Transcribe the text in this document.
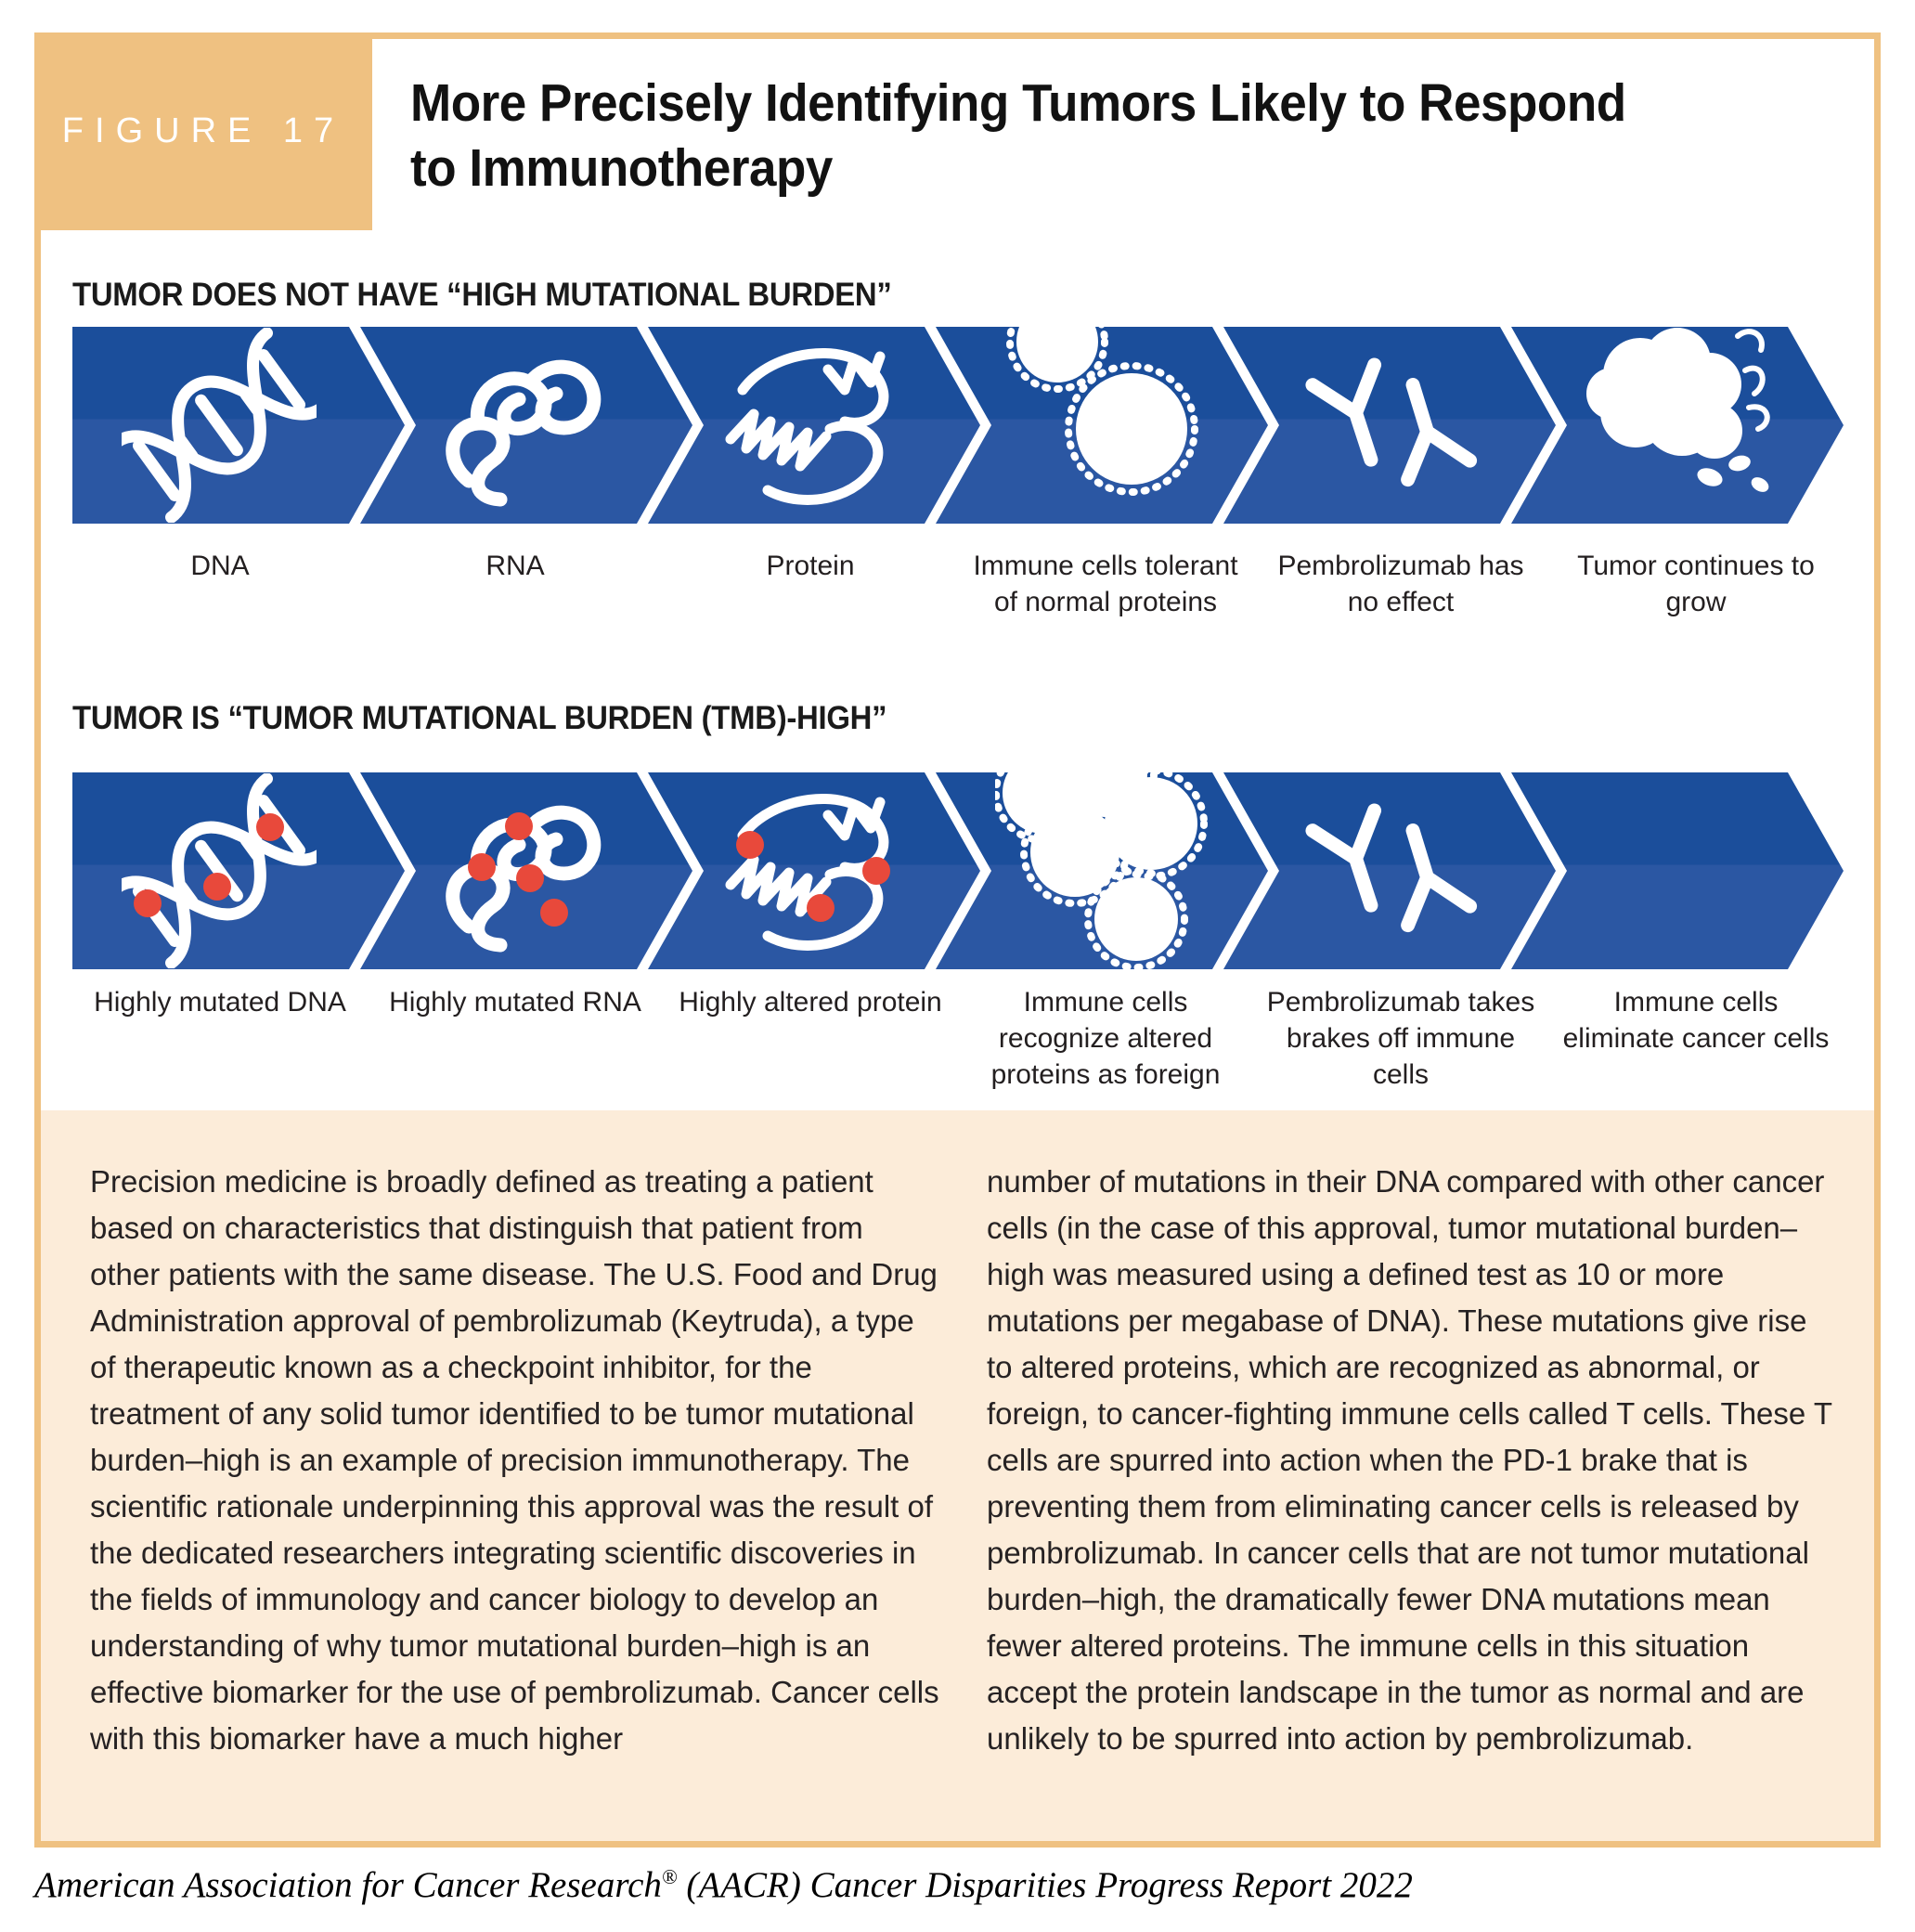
FIGURE 17 More Precisely Identifying Tumors Likely to Respond
to Immunotherapy
TUMOR DOES NOT HAVE “HIGH MUTATIONAL BURDEN”
DNA	RNA	Protein	Immune cells tolerant of normal proteins
Pembrolizumab has no effect
Tumor continues to grow
TUMOR IS “TUMOR MUTATIONAL BURDEN (TMB)-HIGH”
Highly mutated DNA	Highly mutated RNA	Highly altered protein	Immune cells recognize altered proteins as foreign
Pembrolizumab takes brakes off immune cells
Immune cells eliminate cancer cells
Precision medicine is broadly defined as treating a patient based on characteristics that distinguish that patient from other patients with the same disease. The U.S. Food and Drug Administration approval of pembrolizumab (Keytruda), a type of therapeutic known as a checkpoint inhibitor, for the treatment of any solid tumor identified to be tumor mutational burden–high is an example of precision immunotherapy. The scientific rationale underpinning this approval was the result of the dedicated researchers integrating scientific discoveries in the fields of immunology and cancer biology to develop an understanding of why tumor mutational burden–high is an effective biomarker for the use of pembrolizumab. Cancer cells with this biomarker have a much higher
number of mutations in their DNA compared with other cancer cells (in the case of this approval, tumor mutational burden–high was measured using a defined test as 10 or more mutations per megabase of DNA). These mutations give rise to altered proteins, which are recognized as abnormal, or foreign, to cancer-fighting immune cells called T cells. These T cells are spurred into action when the PD-1 brake that is preventing them from eliminating cancer cells is released by pembrolizumab. In cancer cells that are not tumor mutational burden–high, the dramatically fewer DNA mutations mean fewer altered proteins. The immune cells in this situation accept the protein landscape in the tumor as normal and are unlikely to be spurred into action by pembrolizumab.
American Association for Cancer Research® (AACR) Cancer Disparities Progress Report 2022
